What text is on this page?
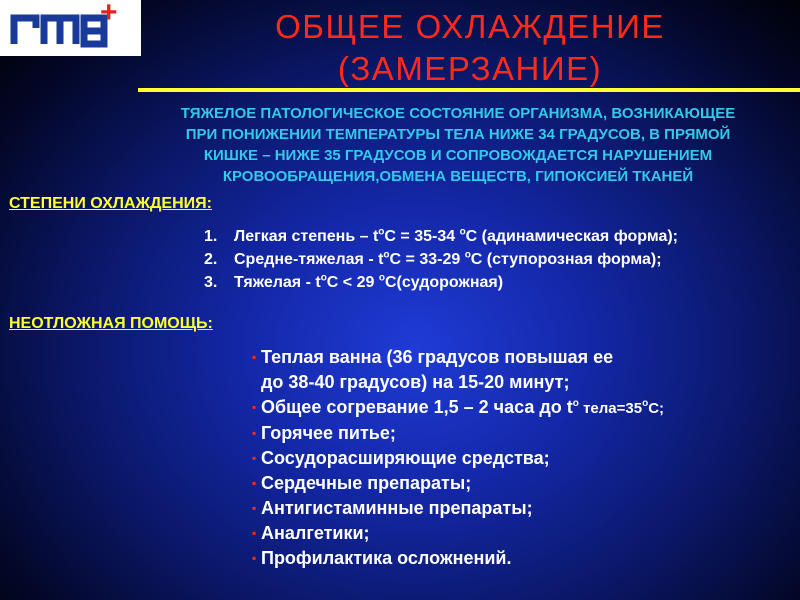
+	ОБЩЕЕ ОХЛАЖДЕНИЕ
(ЗАМЕРЗАНИЕ)
ТЯЖЕЛОЕ ПАТОЛОГИЧЕСКОЕ СОСТОЯНИЕ ОРГАНИЗМА, ВОЗНИКАЮЩЕЕ
ПРИ ПОНИЖЕНИИ ТЕМПЕРАТУРЫ ТЕЛА НИЖЕ 34 ГРАДУСОВ, В ПРЯМОЙ
КИШКЕ – НИЖЕ 35 ГРАДУСОВ И СОПРОВОЖДАЕТСЯ НАРУШЕНИЕМ
КРОВООБРАЩЕНИЯ,ОБМЕНА ВЕЩЕСТВ, ГИПОКСИЕЙ ТКАНЕЙ
СТЕПЕНИ ОХЛАЖДЕНИЯ:
1. Легкая степень – $t^оС = 35-34$ $^о$С (адинамическая форма);
2. Средне-тяжелая - $t^оС = 33-29$ $^о$С (ступорозная форма);
3. Тяжелая - $t^оС < 29$ $^о$С(судорожная)
НЕОТЛОЖНАЯ ПОМОЩЬ:
▪ Теплая ванна (36 градусов повышая ее
до 38-40 градусов) на 15-20 минут;
▪ Общее согревание 1,5 – 2 часа до $t^о$ $тела=35^оС$;
▪ Горячее питье;
▪ Сосудорасширяющие средства;
▪ Сердечные препараты;
▪ Антигистаминные препараты;
▪ Аналгетики;
▪ Профилактика осложнений.
